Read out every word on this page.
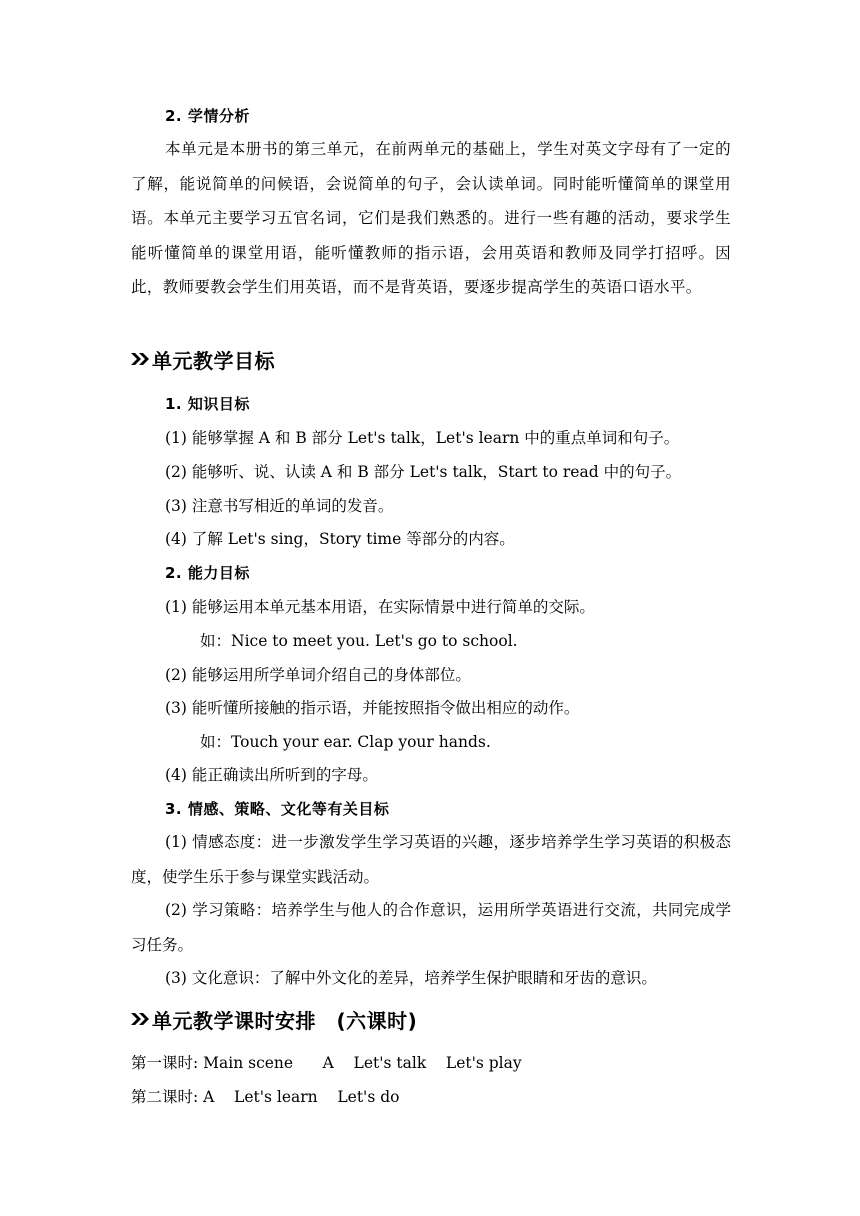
2. 学情分析

本单元是本册书的第三单元，在前两单元的基础上，学生对英文字母有了一定的了解，能说简单的问候语，会说简单的句子，会认读单词。同时能听懂简单的课堂用语。本单元主要学习五官名词，它们是我们熟悉的。进行一些有趣的活动，要求学生能听懂简单的课堂用语，能听懂教师的指示语，会用英语和教师及同学打招呼。因此，教师要教会学生们用英语，而不是背英语，要逐步提高学生的英语口语水平。

单元教学目标
1. 知识目标
(1) 能够掌握 A 和 B 部分 Let's talk，Let's learn 中的重点单词和句子。
(2) 能够听、说、认读 A 和 B 部分 Let's talk，Start to read 中的句子。
(3) 注意书写相近的单词的发音。
(4) 了解 Let's sing，Story time 等部分的内容。
2. 能力目标
(1) 能够运用本单元基本用语，在实际情景中进行简单的交际。
如：Nice to meet you. Let's go to school.
(2) 能够运用所学单词介绍自己的身体部位。
(3) 能听懂所接触的指示语，并能按照指令做出相应的动作。
如：Touch your ear. Clap your hands.
(4) 能正确读出所听到的字母。
3. 情感、策略、文化等有关目标

(1) 情感态度：进一步激发学生学习英语的兴趣，逐步培养学生学习英语的积极态度，使学生乐于参与课堂实践活动。

(2) 学习策略：培养学生与他人的合作意识，运用所学英语进行交流，共同完成学习任务。

(3) 文化意识：了解中外文化的差异，培养学生保护眼睛和牙齿的意识。

单元教学课时安排　(六课时)
第一课时: Main scene      A    Let's talk    Let's play
第二课时: A    Let's learn    Let's do
